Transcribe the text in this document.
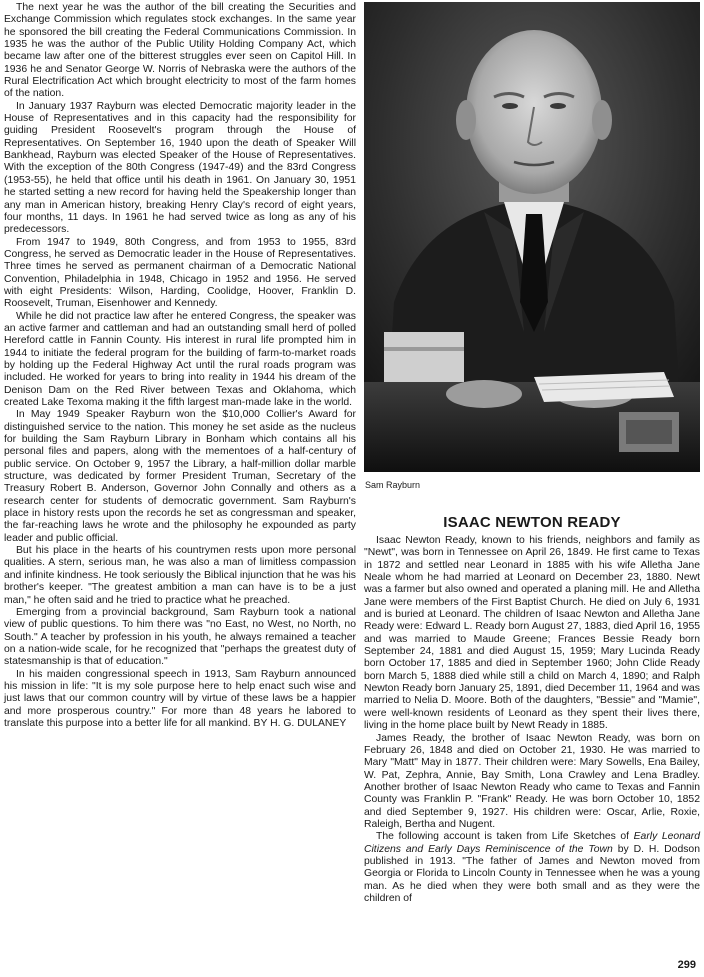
The next year he was the author of the bill creating the Securities and Exchange Commission which regulates stock exchanges. In the same year he sponsored the bill creating the Federal Communications Commission. In 1935 he was the author of the Public Utility Holding Company Act, which became law after one of the bitterest struggles ever seen on Capitol Hill. In 1936 he and Senator George W. Norris of Nebraska were the authors of the Rural Electrification Act which brought electricity to most of the farm homes of the nation.

In January 1937 Rayburn was elected Democratic majority leader in the House of Representatives and in this capacity had the responsibility for guiding President Roosevelt's program through the House of Representatives. On September 16, 1940 upon the death of Speaker Will Bankhead, Rayburn was elected Speaker of the House of Representatives. With the exception of the 80th Congress (1947-49) and the 83rd Congress (1953-55), he held that office until his death in 1961. On January 30, 1951 he started setting a new record for having held the Speakership longer than any man in American history, breaking Henry Clay's record of eight years, four months, 11 days. In 1961 he had served twice as long as any of his predecessors.

From 1947 to 1949, 80th Congress, and from 1953 to 1955, 83rd Congress, he served as Democratic leader in the House of Representatives. Three times he served as permanent chairman of a Democratic National Convention, Philadelphia in 1948, Chicago in 1952 and 1956. He served with eight Presidents: Wilson, Harding, Coolidge, Hoover, Franklin D. Roosevelt, Truman, Eisenhower and Kennedy.

While he did not practice law after he entered Congress, the speaker was an active farmer and cattleman and had an outstanding small herd of polled Hereford cattle in Fannin County. His interest in rural life prompted him in 1944 to initiate the federal program for the building of farm-to-market roads by holding up the Federal Highway Act until the rural roads program was included. He worked for years to bring into reality in 1944 his dream of the Denison Dam on the Red River between Texas and Oklahoma, which created Lake Texoma making it the fifth largest man-made lake in the world.

In May 1949 Speaker Rayburn won the $10,000 Collier's Award for distinguished service to the nation. This money he set aside as the nucleus for building the Sam Rayburn Library in Bonham which contains all his personal files and papers, along with the mementoes of a half-century of public service. On October 9, 1957 the Library, a half-million dollar marble structure, was dedicated by former President Truman, Secretary of the Treasury Robert B. Anderson, Governor John Connally and others as a research center for students of democratic government. Sam Rayburn's place in history rests upon the records he set as congressman and speaker, the far-reaching laws he wrote and the philosophy he expounded as party leader and public official.

But his place in the hearts of his countrymen rests upon more personal qualities. A stern, serious man, he was also a man of limitless compassion and infinite kindness. He took seriously the Biblical injunction that he was his brother's keeper. "The greatest ambition a man can have is to be a just man," he often said and he tried to practice what he preached.

Emerging from a provincial background, Sam Rayburn took a national view of public questions. To him there was "no East, no West, no North, no South." A teacher by profession in his youth, he always remained a teacher on a nation-wide scale, for he recognized that "perhaps the greatest duty of statesmanship is that of education."

In his maiden congressional speech in 1913, Sam Rayburn announced his mission in life: "It is my sole purpose here to help enact such wise and just laws that our common country will by virtue of these laws be a happier and more prosperous country." For more than 48 years he labored to translate this purpose into a better life for all mankind. BY H. G. DULANEY

Sam Rayburn
ISAAC NEWTON READY

Isaac Newton Ready, known to his friends, neighbors and family as "Newt", was born in Tennessee on April 26, 1849. He first came to Texas in 1872 and settled near Leonard in 1885 with his wife Alletha Jane Neale whom he had married at Leonard on December 23, 1880. Newt was a farmer but also owned and operated a planing mill. He and Alletha Jane were members of the First Baptist Church. He died on July 6, 1931 and is buried at Leonard. The children of Isaac Newton and Alletha Jane Ready were: Edward L. Ready born August 27, 1883, died April 16, 1955 and was married to Maude Greene; Frances Bessie Ready born September 24, 1881 and died August 15, 1959; Mary Lucinda Ready born October 17, 1885 and died in September 1960; John Clide Ready born March 5, 1888 died while still a child on March 4, 1890; and Ralph Newton Ready born January 25, 1891, died December 11, 1964 and was married to Nelia D. Moore. Both of the daughters, "Bessie" and "Mamie", were well-known residents of Leonard as they spent their lives there, living in the home place built by Newt Ready in 1885.

James Ready, the brother of Isaac Newton Ready, was born on February 26, 1848 and died on October 21, 1930. He was married to Mary "Matt" May in 1877. Their children were: Mary Sowells, Ena Bailey, W. Pat, Zephra, Annie, Bay Smith, Lona Crawley and Lena Bradley. Another brother of Isaac Newton Ready who came to Texas and Fannin County was Franklin P. "Frank" Ready. He was born October 10, 1852 and died September 9, 1927. His children were: Oscar, Arlie, Roxie, Raleigh, Bertha and Nugent.

The following account is taken from Life Sketches of Early Leonard Citizens and Early Days Reminiscence of the Town by D. H. Dodson published in 1913. "The father of James and Newton moved from Georgia or Florida to Lincoln County in Tennessee when he was a young man. As he died when they were both small and as they were the children of

299
